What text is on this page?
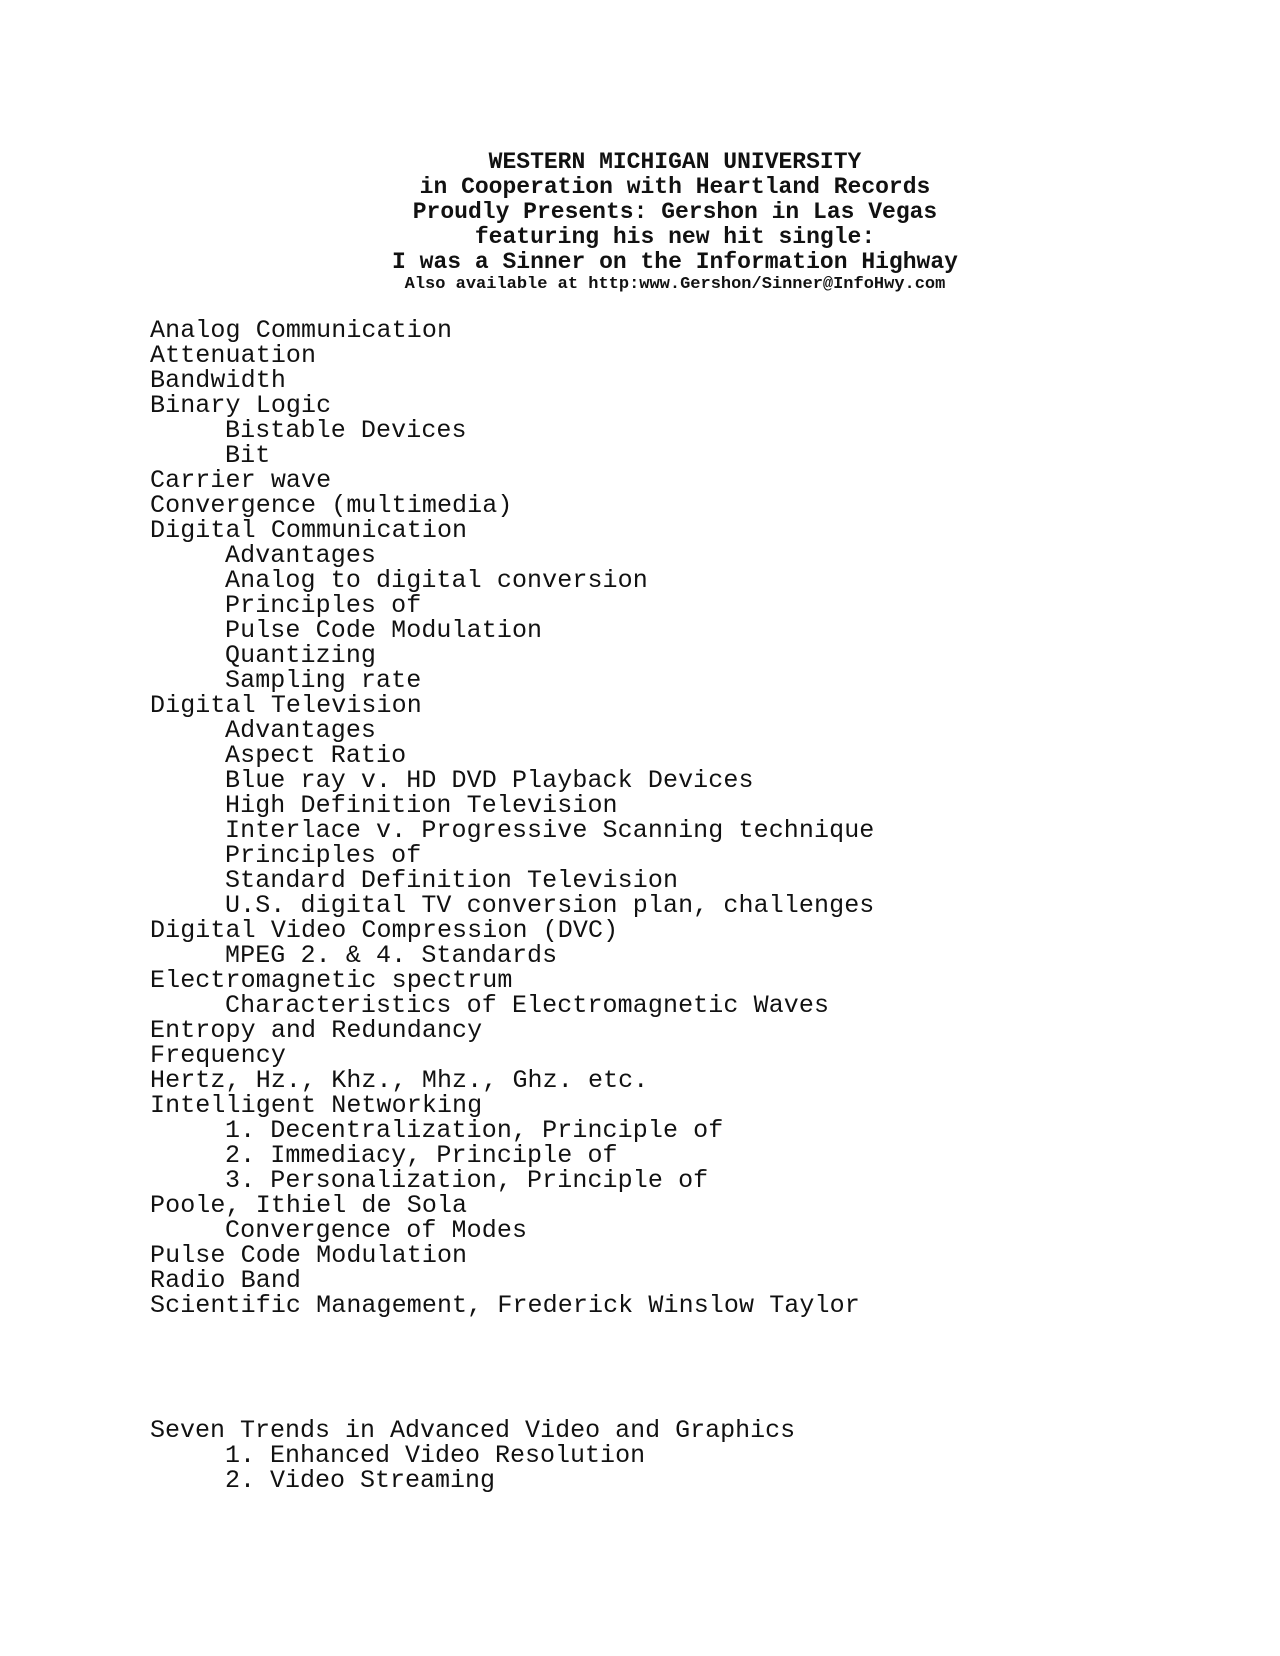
WESTERN MICHIGAN UNIVERSITY
in Cooperation with Heartland Records
Proudly Presents: Gershon in Las Vegas
featuring his new hit single:
I was a Sinner on the Information Highway
Also available at http:www.Gershon/Sinner@InfoHwy.com
Analog Communication
Attenuation
Bandwidth
Binary Logic
Bistable Devices
Bit
Carrier wave
Convergence (multimedia)
Digital Communication
Advantages
Analog to digital conversion
Principles of
Pulse Code Modulation
Quantizing
Sampling rate
Digital Television
Advantages
Aspect Ratio
Blue ray v. HD DVD Playback Devices
High Definition Television
Interlace v. Progressive Scanning technique
Principles of
Standard Definition Television
U.S. digital TV conversion plan, challenges
Digital Video Compression (DVC)
MPEG 2. & 4. Standards
Electromagnetic spectrum
Characteristics of Electromagnetic Waves
Entropy and Redundancy
Frequency
Hertz, Hz., Khz., Mhz., Ghz. etc.
Intelligent Networking
1. Decentralization, Principle of
2. Immediacy, Principle of
3. Personalization, Principle of
Poole, Ithiel de Sola
Convergence of Modes
Pulse Code Modulation
Radio Band
Scientific Management, Frederick Winslow Taylor
Seven Trends in Advanced Video and Graphics
1. Enhanced Video Resolution
2. Video Streaming
